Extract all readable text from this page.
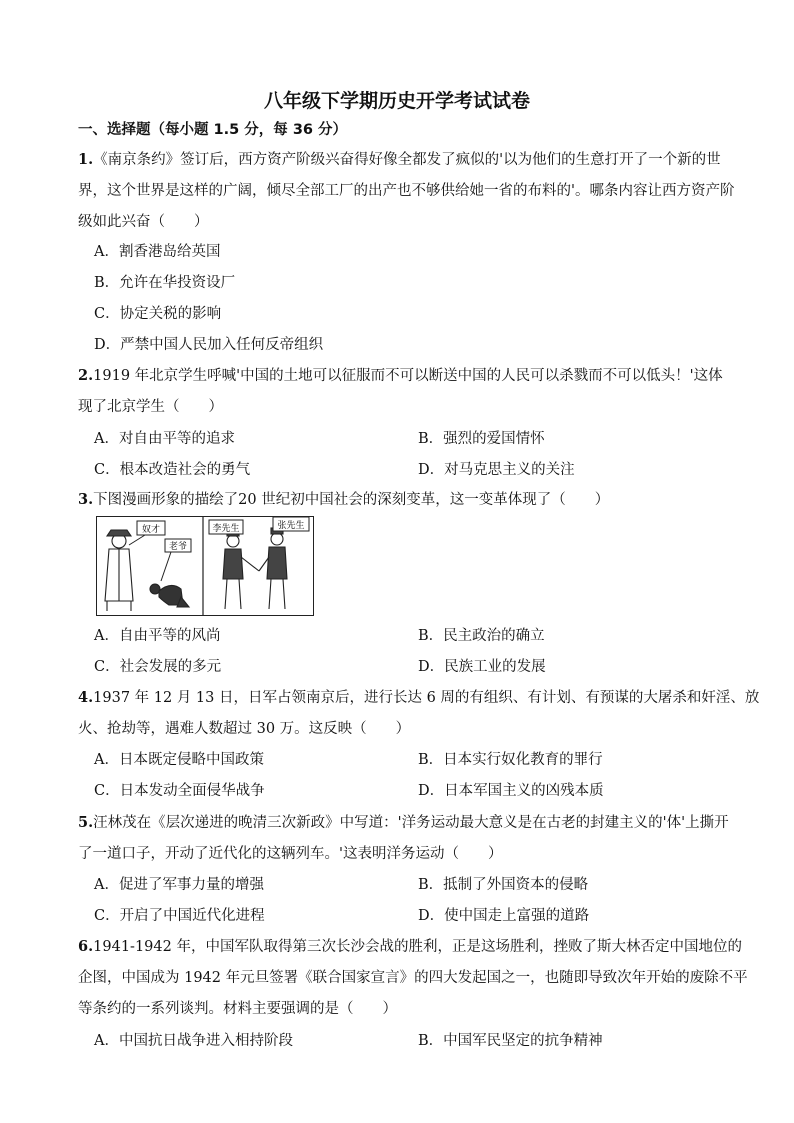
八年级下学期历史开学考试试卷
一、选择题（每小题 1.5 分，每 36 分）
1.《南京条约》签订后，西方资产阶级兴奋得好像全都发了疯似的'以为他们的生意打开了一个新的世
界，这个世界是这样的广阔，倾尽全部工厂的出产也不够供给她一省的布料的'。哪条内容让西方资产阶
级如此兴奋（　　）
A．割香港岛给英国
B．允许在华投资设厂
C．协定关税的影响
D．严禁中国人民加入任何反帝组织
2.1919 年北京学生呼喊'中国的土地可以征服而不可以断送中国的人民可以杀戮而不可以低头！'这体
现了北京学生（　　）
A．对自由平等的追求	B．强烈的爱国情怀
C．根本改造社会的勇气	D．对马克思主义的关注
3.下图漫画形象的描绘了20 世纪初中国社会的深刻变革，这一变革体现了（　　）
奴才
老爷
李先生	张先生
A．自由平等的风尚	B．民主政治的确立
C．社会发展的多元	D．民族工业的发展
4.1937 年 12 月 13 日，日军占领南京后，进行长达 6 周的有组织、有计划、有预谋的大屠杀和奸淫、放
火、抢劫等，遇难人数超过 30 万。这反映（　　）
A．日本既定侵略中国政策	B．日本实行奴化教育的罪行
C．日本发动全面侵华战争	D．日本军国主义的凶残本质
5.汪林茂在《层次递进的晚清三次新政》中写道：'洋务运动最大意义是在古老的封建主义的'体'上撕开
了一道口子，开动了近代化的这辆列车。'这表明洋务运动（　　）
A．促进了军事力量的增强	B．抵制了外国资本的侵略
C．开启了中国近代化进程	D．使中国走上富强的道路
6.1941-1942 年，中国军队取得第三次长沙会战的胜利，正是这场胜利，挫败了斯大林否定中国地位的
企图，中国成为 1942 年元旦签署《联合国家宣言》的四大发起国之一，也随即导致次年开始的废除不平
等条约的一系列谈判。材料主要强调的是（　　）
A．中国抗日战争进入相持阶段	B．中国军民坚定的抗争精神
